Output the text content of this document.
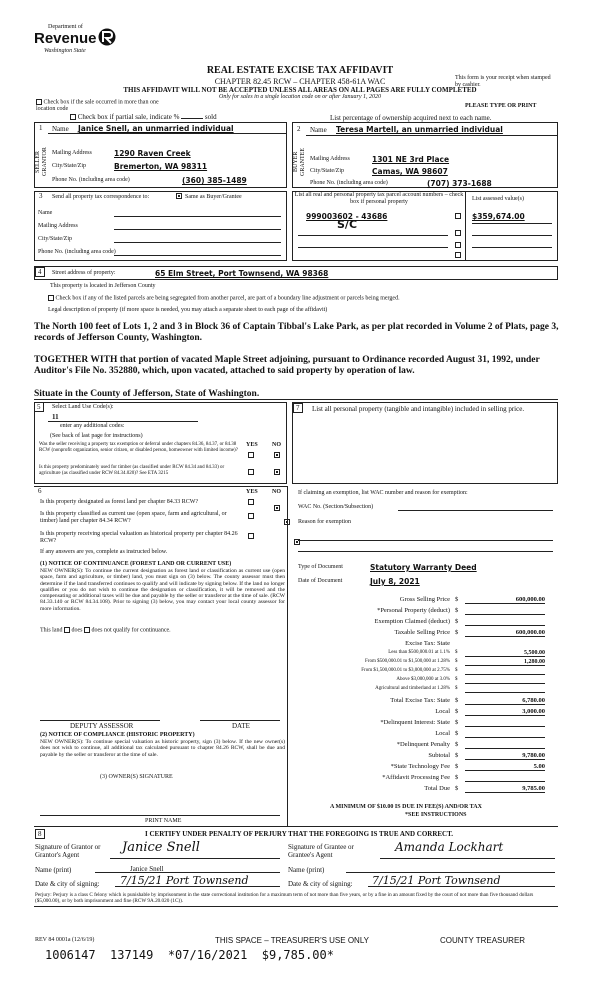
Department of
Revenue
Washington State
REAL ESTATE EXCISE TAX AFFIDAVIT
CHAPTER 82.45 RCW – CHAPTER 458-61A WAC
THIS AFFIDAVIT WILL NOT BE ACCEPTED UNLESS ALL AREAS ON ALL PAGES ARE FULLY COMPLETED
Only for sales in a single location code on or after January 1, 2020
This form is your receipt when stamped by cashier.
PLEASE TYPE OR PRINT
Check box if the sale occurred in more than one location code
Check box if partial sale, indicate %	sold	List percentage of ownership acquired next to each name.
1
SELLER GRANTOR
Name Janice Snell, an unmarried individual
Mailing Address	1290 Raven Creek
City/State/Zip	Bremerton, WA 98311
Phone No. (including area code)	(360) 385-1489
2
BUYER GRANTEE
Name Teresa Martell, an unmarried individual
Mailing Address	1301 NE 3rd Place
City/State/Zip	Camas, WA 98607
Phone No. (including area code)	(707) 373-1688
3	Send all property tax correspondence to:	Same as Buyer/Grantee
Name
Mailing Address
City/State/Zip
Phone No. (including area code)
List all real and personal property tax parcel account numbers – check box if personal property	List assessed value(s)
999003602 - 43686	$359,674.00
S/C
4	Street address of property:	65 Elm Street, Port Townsend, WA 98368
This property is located in Jefferson County
Check box if any of the listed parcels are being segregated from another parcel, are part of a boundary line adjustment or parcels being merged.
Legal description of property (if more space is needed, you may attach a separate sheet to each page of the affidavit)
The North 100 feet of Lots 1, 2 and 3 in Block 36 of Captain Tibbal's Lake Park, as per plat recorded in Volume 2 of Plats, page 3, records of Jefferson County, Washington.
TOGETHER WITH that portion of vacated Maple Street adjoining, pursuant to Ordinance recorded August 31, 1992, under Auditor's File No. 352880, which, upon vacated, attached to said property by operation of law.
Situate in the County of Jefferson, State of Washington.
5	Select Land Use Code(s):
11
enter any additional codes:
(See back of last page for instructions)
YES NO
Was the seller receiving a property tax exemption or deferral under chapters 84.36, 84.37, or 84.38 RCW (nonprofit organization, senior citizen, or disabled person, homeowner with limited income)?
Is this property predominately used for timber (as classified under RCW 84.34 and 84.33) or agriculture (as classified under RCW 84.34.020)? See ETA 3215
7	List all personal property (tangible and intangible) included in selling price.
6	YES NO
Is this property designated as forest land per chapter 84.33 RCW?

Is this property classified as current use (open space, farm and agricultural, or timber) land per chapter 84.34 RCW?

Is this property receiving special valuation as historical property per chapter 84.26 RCW?
If any answers are yes, complete as instructed below.
(1) NOTICE OF CONTINUANCE (FOREST LAND OR CURRENT USE)
NEW OWNER(S): To continue the current designation as forest land or classification as current use (open space, farm and agriculture, or timber) land, you must sign on (3) below. The county assessor must then determine if the land transferred continues to qualify and will indicate by signing below. If the land no longer qualifies or you do not wish to continue the designation or classification, it will be removed and the compensating or additional taxes will be due and payable by the seller or transferor at the time of sale. (RCW 84.33.140 or RCW 84.34.108). Prior to signing (3) below, you may contact your local county assessor for more information.
This land does does not qualify for continuance.
DEPUTY ASSESSOR	DATE
(2) NOTICE OF COMPLIANCE (HISTORIC PROPERTY)
NEW OWNER(S): To continue special valuation as historic property, sign (3) below. If the new owner(s) does not wish to continue, all additional tax calculated pursuant to chapter 84.26 RCW, shall be due and payable by the seller or transferor at the time of sale.
(3) OWNER(S) SIGNATURE
PRINT NAME
If claiming an exemption, list WAC number and reason for exemption:
WAC No. (Section/Subsection)
Reason for exemption
Type of Document	Statutory Warranty Deed
Date of Document	July 8, 2021
Gross Selling Price $	600,000.00
*Personal Property (deduct) $

Exemption Claimed (deduct) $

Taxable Selling Price $	600,000.00
Excise Tax: State
Less than $500,000.01 at 1.1% $	5,500.00
From $500,000.01 to $1,500,000 at 1.28% $	1,280.00
From $1,500,000.01 to $3,000,000 at 2.75% $

Above $3,000,000 at 3.0% $

Agricultural and timberland at 1.28% $

Total Excise Tax: State $	6,780.00
Local $	3,000.00
*Delinquent Interest: State $

Local $

*Delinquent Penalty $

Subtotal $	9,780.00
*State Technology Fee $	5.00
*Affidavit Processing Fee $

Total Due $	9,785.00
A MINIMUM OF $10.00 IS DUE IN FEE(S) AND/OR TAX
*SEE INSTRUCTIONS
8	I CERTIFY UNDER PENALTY OF PERJURY THAT THE FOREGOING IS TRUE AND CORRECT.
Signature of Grantor or Grantor's Agent	Janice Snell
Name (print)	Janice Snell
Date & city of signing: 7/15/21 Port Townsend
Signature of Grantee or Grantee's Agent
Amanda Lockhart
Name (print)
Date & city of signing: 7/15/21 Port Townsend
Perjury: Perjury is a class C felony which is punishable by imprisonment in the state correctional institution for a maximum term of not more than five years, or by a fine in an amount fixed by the court of not more than five thousand dollars ($5,000.00), or by both imprisonment and fine (RCW 9A.20.020 (1C)).
REV 84 0001a (12/6/19)	THIS SPACE – TREASURER'S USE ONLY	COUNTY TREASURER
1006147  137149  *07/16/2021  $9,785.00*
